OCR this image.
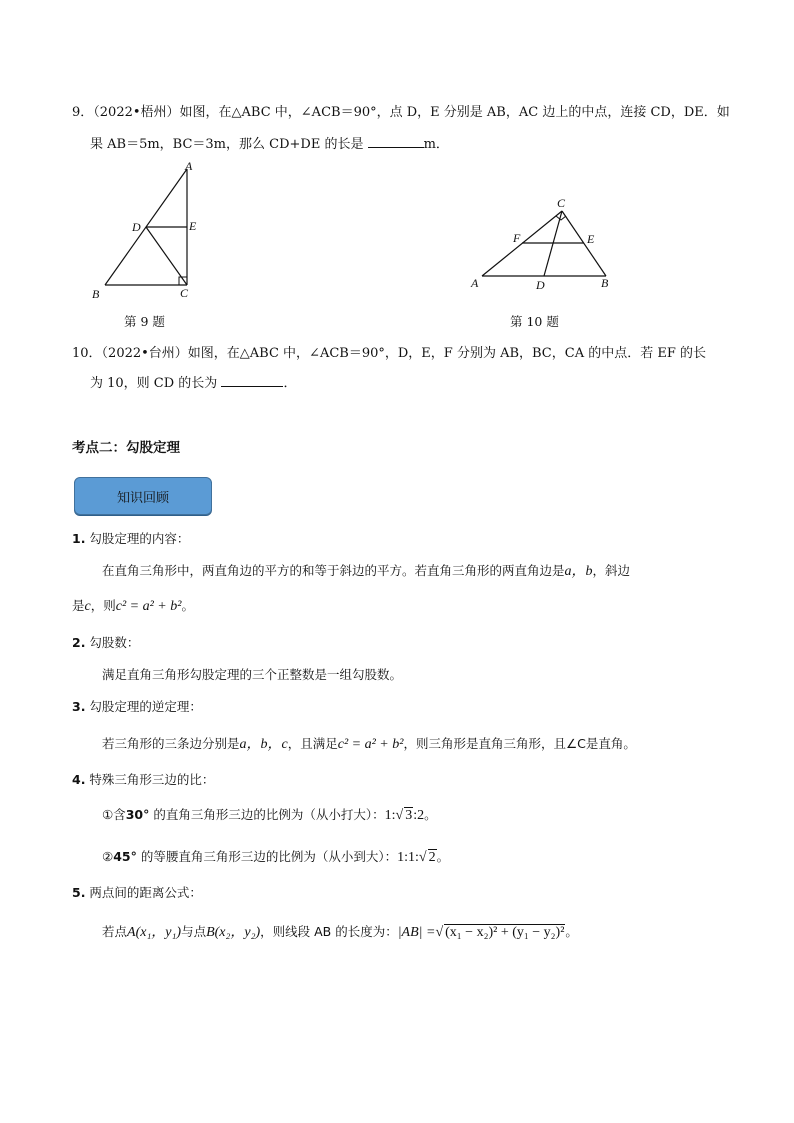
9．（2022•梧州）如图，在△ABC 中，∠ACB＝90°，点 D，E 分别是 AB，AC 边上的中点，连接 CD，DE．如
果 AB＝5m，BC＝3m，那么 CD+DE 的长是	m．
A
B	C
D	E
第 9 题
C
F	E
A	D	B
第 10 题
10．（2022•台州）如图，在△ABC 中，∠ACB＝90°，D，E，F 分别为 AB，BC，CA 的中点．若 EF 的长
为 10，则 CD 的长为	．
考点二：勾股定理
知识回顾
1. 勾股定理的内容：
在直角三角形中，两直角边的平方的和等于斜边的平方。若直角三角形的两直角边是a，b，斜边
是c，则c² = a² + b²。
2. 勾股数：
满足直角三角形勾股定理的三个正整数是一组勾股数。
3. 勾股定理的逆定理：
若三角形的三条边分别是a，b，c，且满足c² = a² + b²，则三角形是直角三角形，且∠C是直角。
4. 特殊三角形三边的比：
①含30° 的直角三角形三边的比例为（从小打大）：1:√ 3:2。
②45° 的等腰直角三角形三边的比例为（从小到大）：1:1:√ 2。
5. 两点间的距离公式：
若点A(x₁，y₁)与点B(x₂，y₂)，则线段 AB 的长度为：|AB| =√ (x₁ − x₂)² + (y₁ − y₂)²。
